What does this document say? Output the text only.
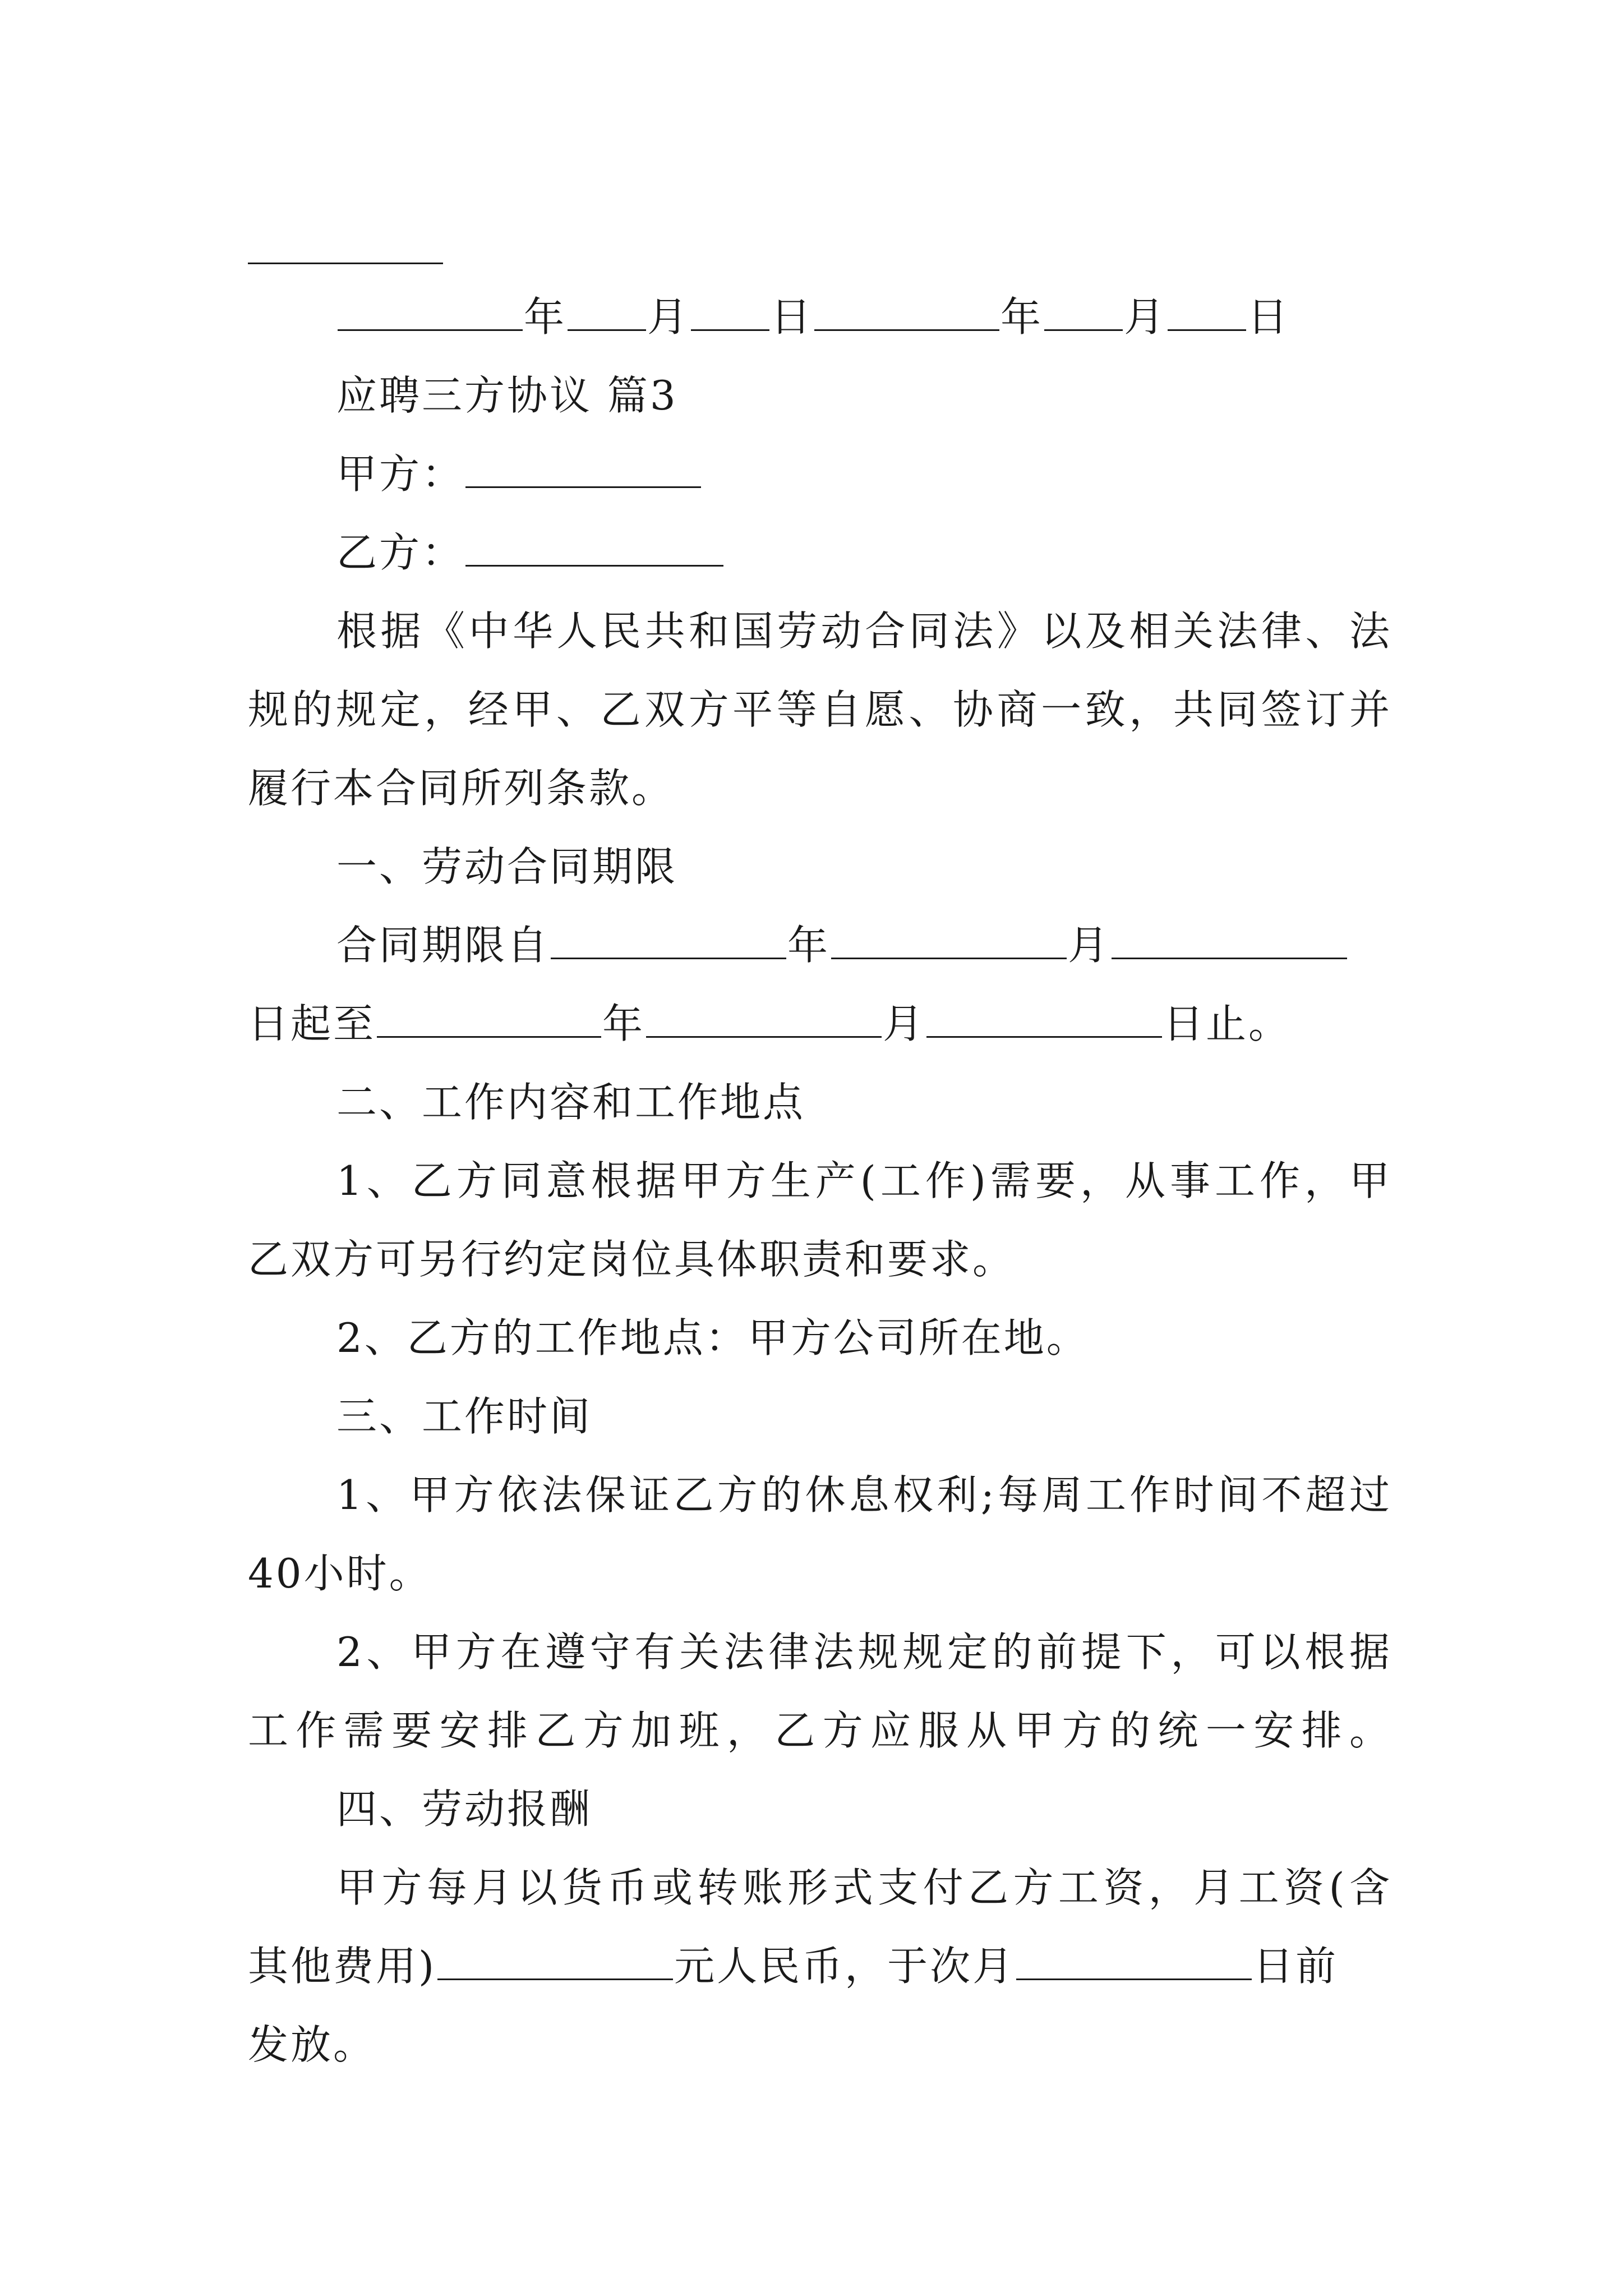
年 月 日	年 月 日
应聘三方协议 篇3
甲方：
乙方：
根据《中华人民共和国劳动合同法》以及相关法律、法
规的规定，经甲、乙双方平等自愿、协商一致，共同签订并
履行本合同所列条款。
一、劳动合同期限
合同期限自	年	月
日起至	年	月	日止。
二、工作内容和工作地点
1、乙方同意根据甲方生产(工作)需要，从事工作，甲
乙双方可另行约定岗位具体职责和要求。
2、乙方的工作地点：甲方公司所在地。
三、工作时间
1、甲方依法保证乙方的休息权利;每周工作时间不超过
40小时。
2、甲方在遵守有关法律法规规定的前提下，可以根据
工作需要安排乙方加班，乙方应服从甲方的统一安排。
四、劳动报酬
甲方每月以货币或转账形式支付乙方工资，月工资(含
其他费用)	元人民币，于次月	日前
发放。
